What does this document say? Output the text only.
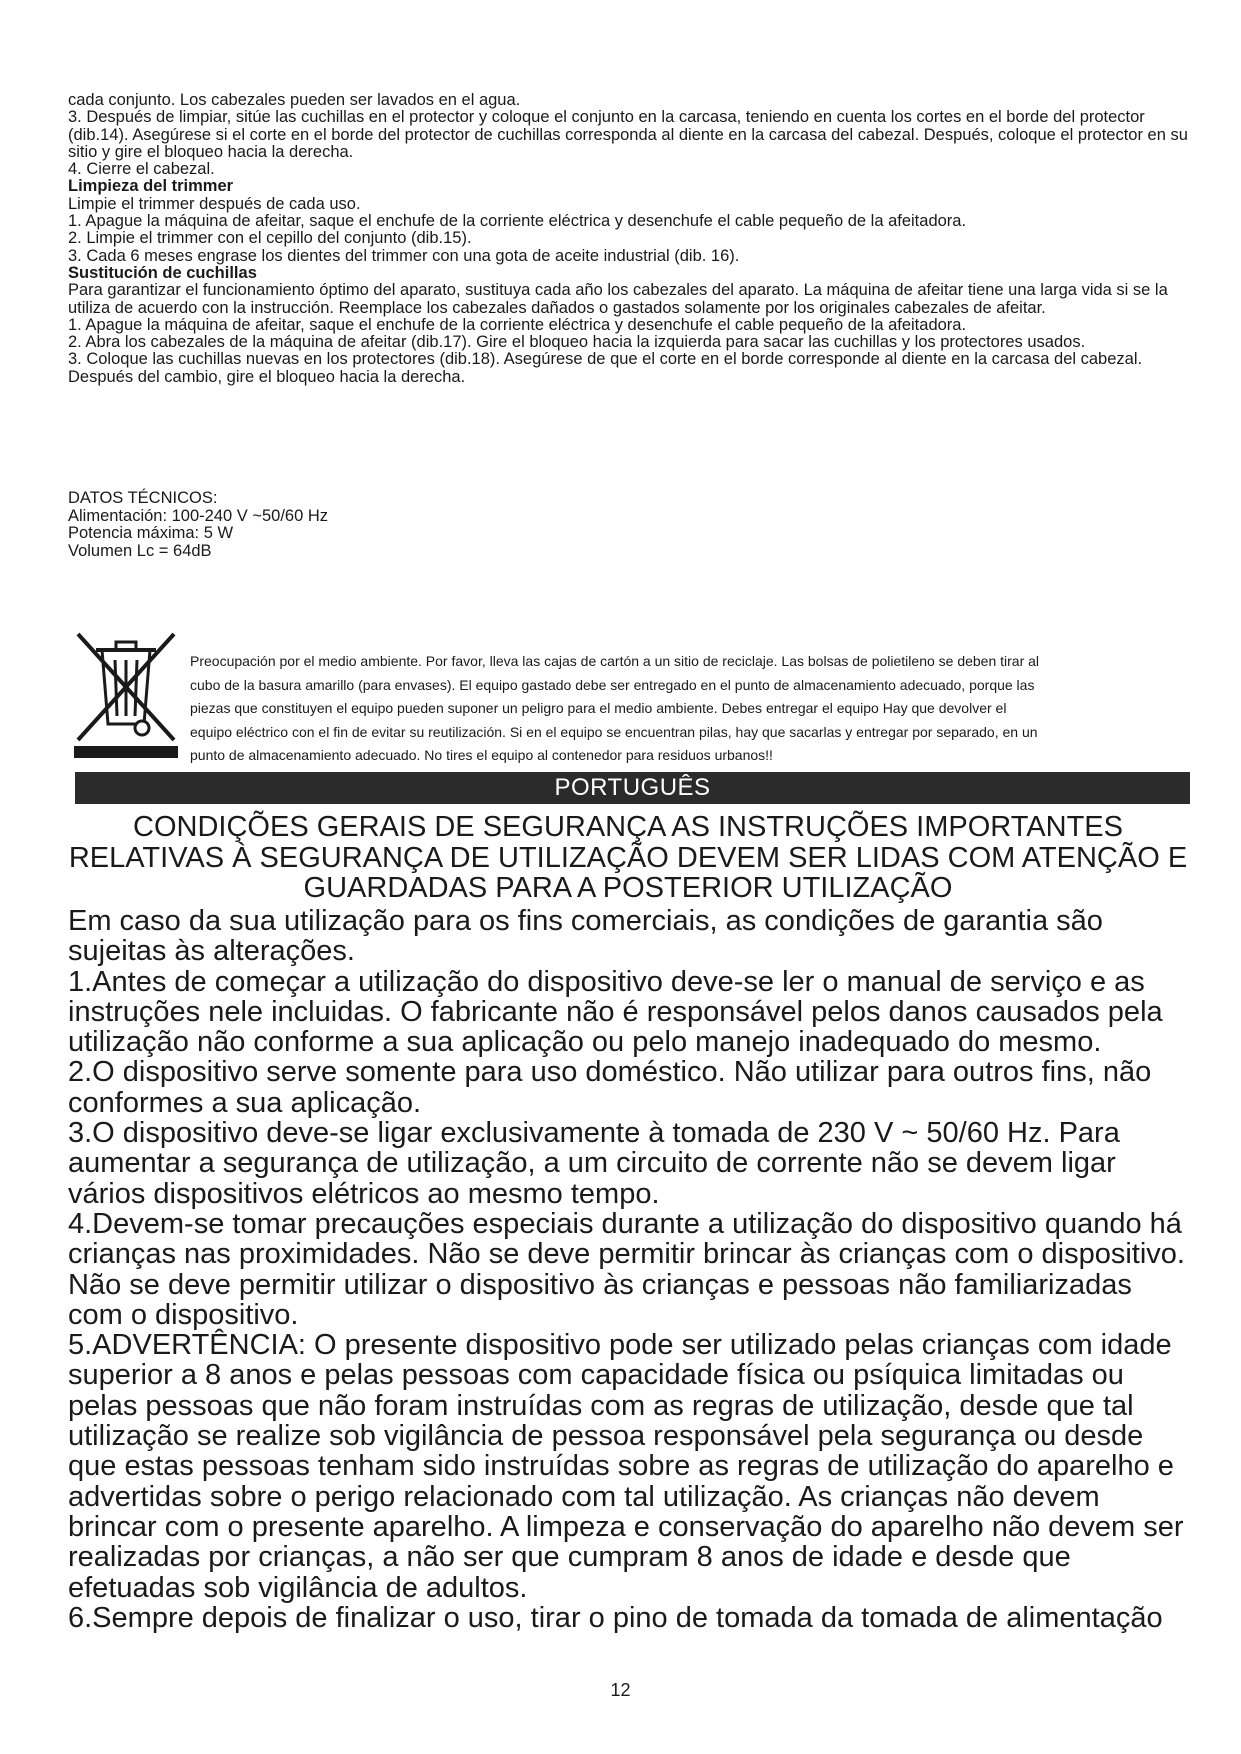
cada conjunto. Los cabezales pueden ser lavados en el agua.

3. Después de limpiar, sitúe las cuchillas en el protector y coloque el conjunto en la carcasa, teniendo en cuenta los cortes en el borde del protector (dib.14). Asegúrese si el corte en el borde del protector de cuchillas corresponda al diente en la carcasa del cabezal. Después, coloque el protector en su sitio y gire el bloqueo hacia la derecha.

4. Cierre el cabezal.

Limpieza del trimmer

Limpie el trimmer después de cada uso.

1. Apague la máquina de afeitar, saque el enchufe de la corriente eléctrica y desenchufe el cable pequeño de la afeitadora.

2. Limpie el trimmer con el cepillo del conjunto (dib.15).

3. Cada 6 meses engrase los dientes del trimmer con una gota de aceite industrial (dib. 16).

Sustitución de cuchillas

Para garantizar el funcionamiento óptimo del aparato, sustituya cada año los cabezales del aparato. La máquina de afeitar tiene una larga vida si se la utiliza de acuerdo con la instrucción. Reemplace los cabezales dañados o gastados solamente por los originales cabezales de afeitar.

1. Apague la máquina de afeitar, saque el enchufe de la corriente eléctrica y desenchufe el cable pequeño de la afeitadora.

2. Abra los cabezales de la máquina de afeitar (dib.17). Gire el bloqueo hacia la izquierda para sacar las cuchillas y los protectores usados.

3. Coloque las cuchillas nuevas en los protectores (dib.18). Asegúrese de que el corte en el borde corresponde al diente en la carcasa del cabezal. Después del cambio, gire el bloqueo hacia la derecha.

DATOS TÉCNICOS:

Alimentación: 100-240 V ~50/60 Hz

Potencia máxima: 5 W

Volumen Lc = 64dB

Preocupación por el medio ambiente. Por favor, lleva las cajas de cartón a un sitio de reciclaje. Las bolsas de polietileno se deben tirar al
cubo de la basura amarillo (para envases). El equipo gastado debe ser entregado en el punto de almacenamiento adecuado, porque las
piezas que constituyen el equipo pueden suponer un peligro para el medio ambiente. Debes entregar el equipo Hay que devolver el
equipo eléctrico con el fin de evitar su reutilización. Si en el equipo se encuentran pilas, hay que sacarlas y entregar por separado, en un
punto de almacenamiento adecuado. No tires el equipo al contenedor para residuos urbanos!!
PORTUGUÊS
CONDIÇÕES GERAIS DE SEGURANÇA AS INSTRUÇÕES IMPORTANTES RELATIVAS À SEGURANÇA DE UTILIZAÇÃO DEVEM SER LIDAS COM ATENÇÃO E GUARDADAS PARA A POSTERIOR UTILIZAÇÃO

Em caso da sua utilização para os fins comerciais, as condições de garantia são sujeitas às alterações.

1.Antes de começar a utilização do dispositivo deve-se ler o manual de serviço e as instruções nele incluidas. O fabricante não é responsável pelos danos causados pela utilização não conforme a sua aplicação ou pelo manejo inadequado do mesmo.

2.O dispositivo serve somente para uso doméstico. Não utilizar para outros fins, não conformes a sua aplicação.

3.O dispositivo deve-se ligar exclusivamente à tomada de 230 V ~ 50/60 Hz. Para aumentar a segurança de utilização, a um circuito de corrente não se devem ligar vários dispositivos elétricos ao mesmo tempo.

4.Devem-se tomar precauções especiais durante a utilização do dispositivo quando há crianças nas proximidades. Não se deve permitir brincar às crianças com o dispositivo. Não se deve permitir utilizar o dispositivo às crianças e pessoas não familiarizadas com o dispositivo.

5.ADVERTÊNCIA: O presente dispositivo pode ser utilizado pelas crianças com idade superior a 8 anos e pelas pessoas com capacidade física ou psíquica limitadas ou pelas pessoas que não foram instruídas com as regras de utilização, desde que tal utilização se realize sob vigilância de pessoa responsável pela segurança ou desde que estas pessoas tenham sido instruídas sobre as regras de utilização do aparelho e advertidas sobre o perigo relacionado com tal utilização. As crianças não devem brincar com o presente aparelho. A limpeza e conservação do aparelho não devem ser realizadas por crianças, a não ser que cumpram 8 anos de idade e desde que efetuadas sob vigilância de adultos.

6.Sempre depois de finalizar o uso, tirar o pino de tomada da tomada de alimentação

12
